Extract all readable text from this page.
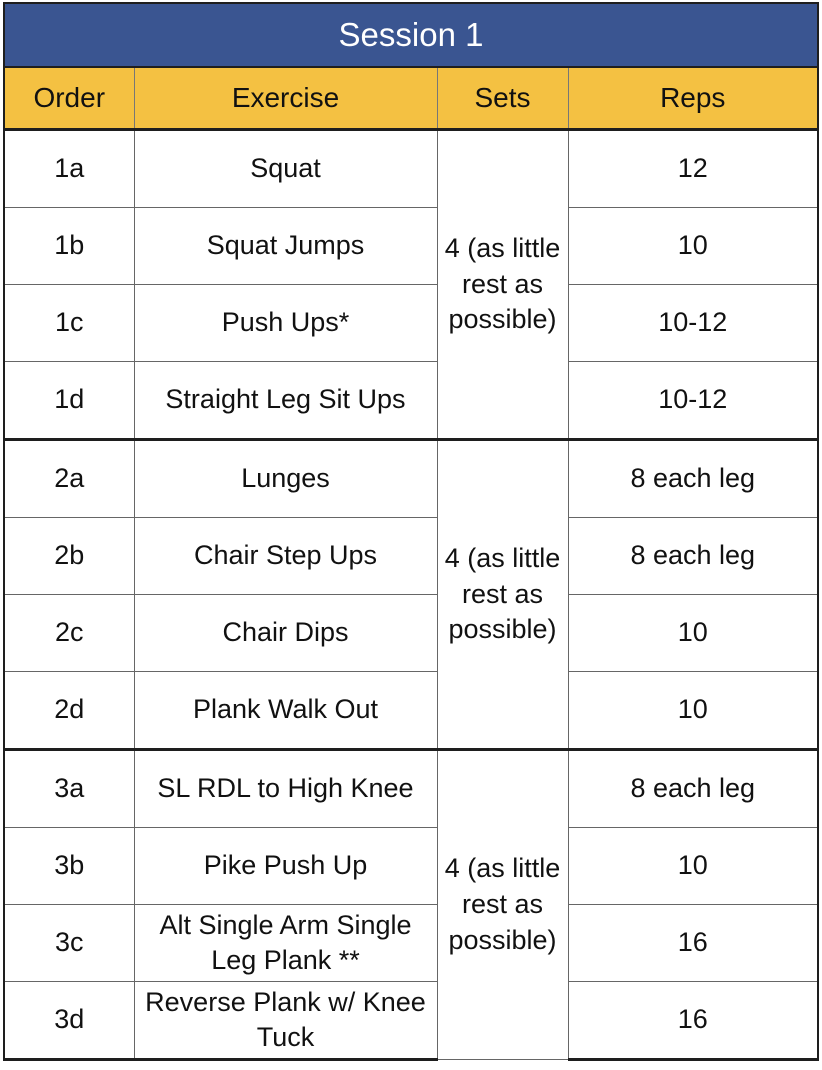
Session 1			
Order	Exercise	Sets	Reps
1a	Squat	4 (as little rest as possible)	12
1b	Squat Jumps		10
1c	Push Ups*		10-12
1d	Straight Leg Sit Ups		10-12
2a	Lunges	4 (as little rest as possible)	8 each leg
2b	Chair Step Ups		8 each leg
2c	Chair Dips		10
2d	Plank Walk Out		10
3a	SL RDL to High Knee	4 (as little rest as possible)	8 each leg
3b	Pike Push Up		10
3c	Alt Single Arm Single Leg Plank **		16
3d	Reverse Plank w/ Knee Tuck		16
